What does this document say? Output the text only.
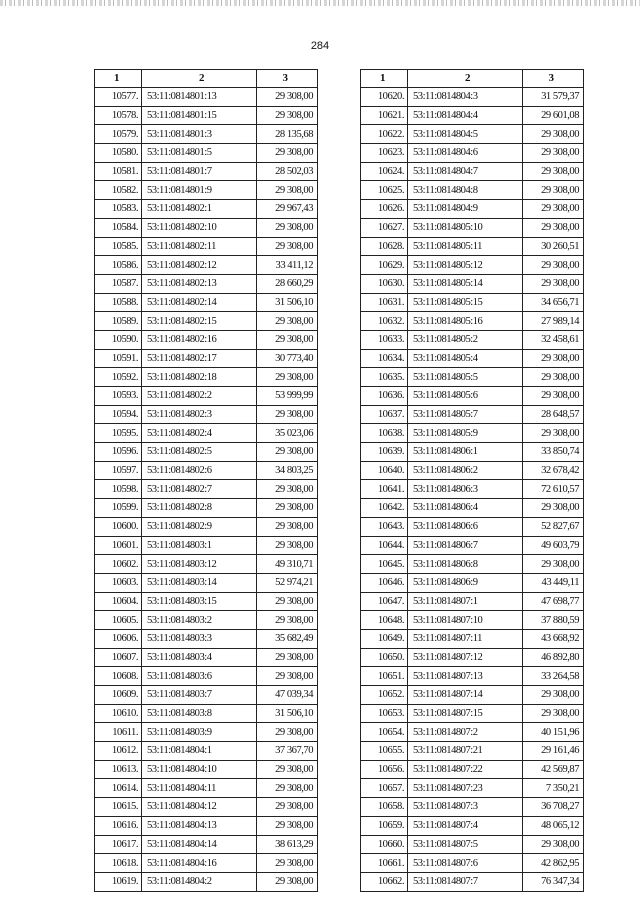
284
1	2	3
10577.	53:11:0814801:13	29 308,00
10578.	53:11:0814801:15	29 308,00
10579.	53:11:0814801:3	28 135,68
10580.	53:11:0814801:5	29 308,00
10581.	53:11:0814801:7	28 502,03
10582.	53:11:0814801:9	29 308,00
10583.	53:11:0814802:1	29 967,43
10584.	53:11:0814802:10	29 308,00
10585.	53:11:0814802:11	29 308,00
10586.	53:11:0814802:12	33 411,12
10587.	53:11:0814802:13	28 660,29
10588.	53:11:0814802:14	31 506,10
10589.	53:11:0814802:15	29 308,00
10590.	53:11:0814802:16	29 308,00
10591.	53:11:0814802:17	30 773,40
10592.	53:11:0814802:18	29 308,00
10593.	53:11:0814802:2	53 999,99
10594.	53:11:0814802:3	29 308,00
10595.	53:11:0814802:4	35 023,06
10596.	53:11:0814802:5	29 308,00
10597.	53:11:0814802:6	34 803,25
10598.	53:11:0814802:7	29 308,00
10599.	53:11:0814802:8	29 308,00
10600.	53:11:0814802:9	29 308,00
10601.	53:11:0814803:1	29 308,00
10602.	53:11:0814803:12	49 310,71
10603.	53:11:0814803:14	52 974,21
10604.	53:11:0814803:15	29 308,00
10605.	53:11:0814803:2	29 308,00
10606.	53:11:0814803:3	35 682,49
10607.	53:11:0814803:4	29 308,00
10608.	53:11:0814803:6	29 308,00
10609.	53:11:0814803:7	47 039,34
10610.	53:11:0814803:8	31 506,10
10611.	53:11:0814803:9	29 308,00
10612.	53:11:0814804:1	37 367,70
10613.	53:11:0814804:10	29 308,00
10614.	53:11:0814804:11	29 308,00
10615.	53:11:0814804:12	29 308,00
10616.	53:11:0814804:13	29 308,00
10617.	53:11:0814804:14	38 613,29
10618.	53:11:0814804:16	29 308,00
10619.	53:11:0814804:2	29 308,00
1	2	3
10620.	53:11:0814804:3	31 579,37
10621.	53:11:0814804:4	29 601,08
10622.	53:11:0814804:5	29 308,00
10623.	53:11:0814804:6	29 308,00
10624.	53:11:0814804:7	29 308,00
10625.	53:11:0814804:8	29 308,00
10626.	53:11:0814804:9	29 308,00
10627.	53:11:0814805:10	29 308,00
10628.	53:11:0814805:11	30 260,51
10629.	53:11:0814805:12	29 308,00
10630.	53:11:0814805:14	29 308,00
10631.	53:11:0814805:15	34 656,71
10632.	53:11:0814805:16	27 989,14
10633.	53:11:0814805:2	32 458,61
10634.	53:11:0814805:4	29 308,00
10635.	53:11:0814805:5	29 308,00
10636.	53:11:0814805:6	29 308,00
10637.	53:11:0814805:7	28 648,57
10638.	53:11:0814805:9	29 308,00
10639.	53:11:0814806:1	33 850,74
10640.	53:11:0814806:2	32 678,42
10641.	53:11:0814806:3	72 610,57
10642.	53:11:0814806:4	29 308,00
10643.	53:11:0814806:6	52 827,67
10644.	53:11:0814806:7	49 603,79
10645.	53:11:0814806:8	29 308,00
10646.	53:11:0814806:9	43 449,11
10647.	53:11:0814807:1	47 698,77
10648.	53:11:0814807:10	37 880,59
10649.	53:11:0814807:11	43 668,92
10650.	53:11:0814807:12	46 892,80
10651.	53:11:0814807:13	33 264,58
10652.	53:11:0814807:14	29 308,00
10653.	53:11:0814807:15	29 308,00
10654.	53:11:0814807:2	40 151,96
10655.	53:11:0814807:21	29 161,46
10656.	53:11:0814807:22	42 569,87
10657.	53:11:0814807:23	7 350,21
10658.	53:11:0814807:3	36 708,27
10659.	53:11:0814807:4	48 065,12
10660.	53:11:0814807:5	29 308,00
10661.	53:11:0814807:6	42 862,95
10662.	53:11:0814807:7	76 347,34
